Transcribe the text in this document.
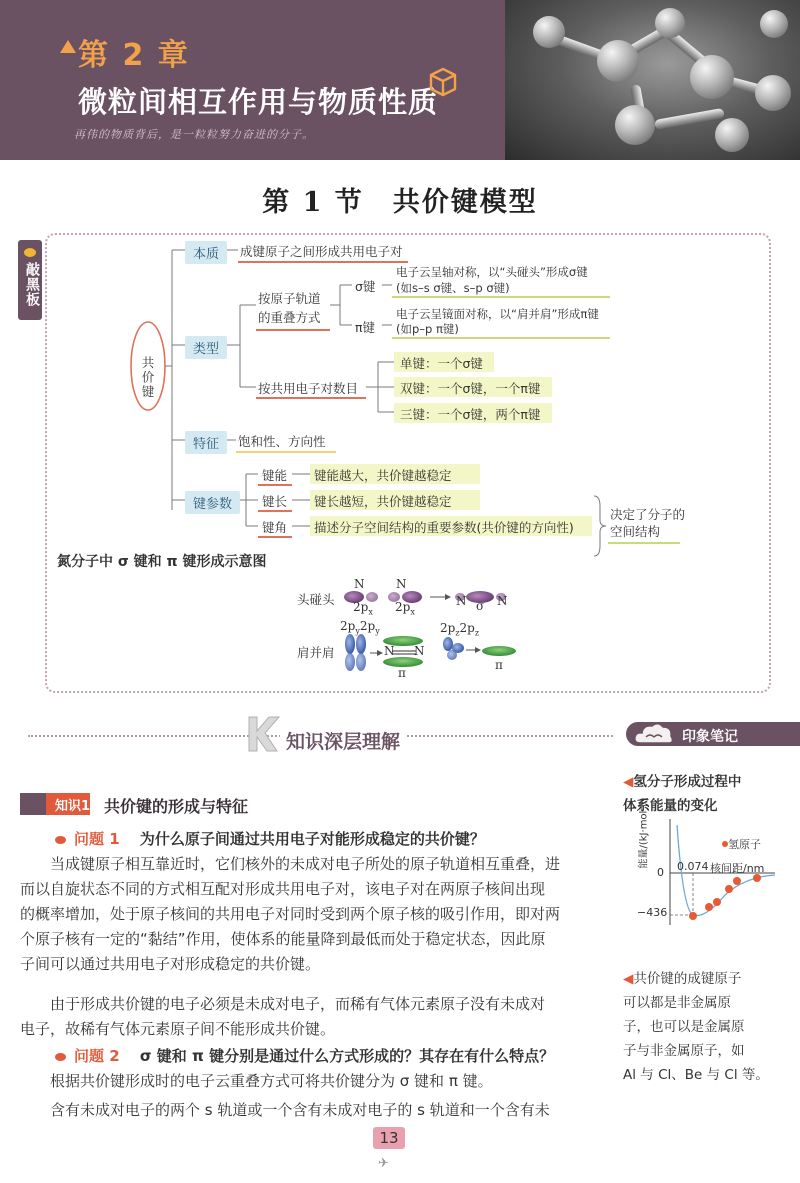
第 2 章
微粒间相互作用与物质性质
再伟的物质背后，是一粒粒努力奋进的分子。
第 1 节　共价键模型
敲黑板
共价键
本质	成键原子之间形成共用电子对
类型
按原子轨道的重叠方式
σ键
电子云呈轴对称，以“头碰头”形成σ键
(如s–s σ键、s–p σ键)
π键
电子云呈镜面对称，以“肩并肩”形成π键
(如p–p π键)
按共用电子对数目
单键：一个σ键
双键：一个σ键，一个π键
三键：一个σ键，两个π键
特征	饱和性、方向性
键参数
键能 键能越大，共价键越稳定
键长 键长越短，共价键越稳定
键角 描述分子空间结构的重要参数(共价键的方向性)
决定了分子的空间结构
氮分子中 σ 键和 π 键形成示意图
头碰头
肩并肩
N	N
$2p_x$ $2p_x$
N σ N
$2p_y2p_y$
N N
π
$2p_z2p_z$
π
知识深层理解	印象笔记
◀氢分子形成过程中
体系能量的变化
能量/(kJ·mol⁻¹)	氢原子
0
−436
0.074 核间距/nm
◀共价键的成键原子
可以都是非金属原
子，也可以是金属原
子与非金属原子，如
Al 与 Cl、Be 与 Cl 等。
知识1 共价键的形成与特征
问题 1　 为什么原子间通过共用电子对能形成稳定的共价键？
　　当成键原子相互靠近时，它们核外的未成对电子所处的原子轨道相互重叠，进
而以自旋状态不同的方式相互配对形成共用电子对，该电子对在两原子核间出现
的概率增加，处于原子核间的共用电子对同时受到两个原子核的吸引作用，即对两
个原子核有一定的“黏结”作用，使体系的能量降到最低而处于稳定状态，因此原
子间可以通过共用电子对形成稳定的共价键。
　　由于形成共价键的电子必须是未成对电子，而稀有气体元素原子没有未成对
电子，故稀有气体元素原子间不能形成共价键。
问题 2　 σ 键和 π 键分别是通过什么方式形成的？其存在有什么特点？
　　根据共价键形成时的电子云重叠方式可将共价键分为 σ 键和 π 键。
　　含有未成对电子的两个 s 轨道或一个含有未成对电子的 s 轨道和一个含有未
13
✈
